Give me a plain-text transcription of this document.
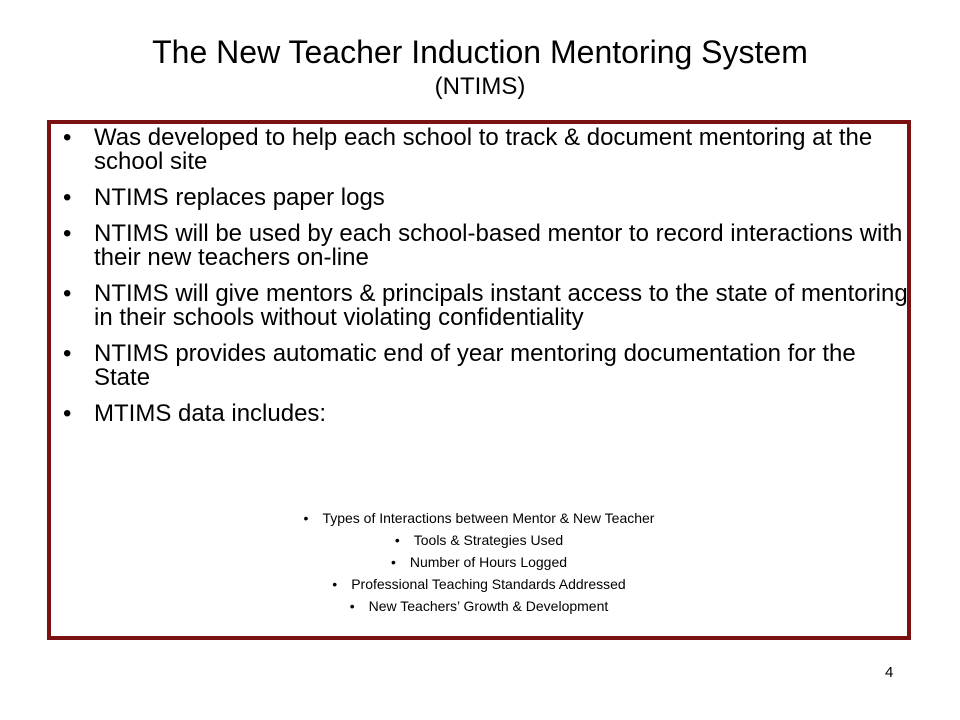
The New Teacher Induction Mentoring System
(NTIMS)
• Was developed to help each school to track & document mentoring at the school site
• NTIMS replaces paper logs
• NTIMS will be used by each school-based mentor to record interactions with their new teachers on-line
• NTIMS will give mentors & principals instant access to the state of mentoring in their schools without violating confidentiality
• NTIMS provides automatic end of year mentoring documentation for the State
• MTIMS data includes:
• Types of Interactions between Mentor & New Teacher
• Tools & Strategies Used
• Number of Hours Logged
• Professional Teaching Standards Addressed
• New Teachers’ Growth & Development
4
